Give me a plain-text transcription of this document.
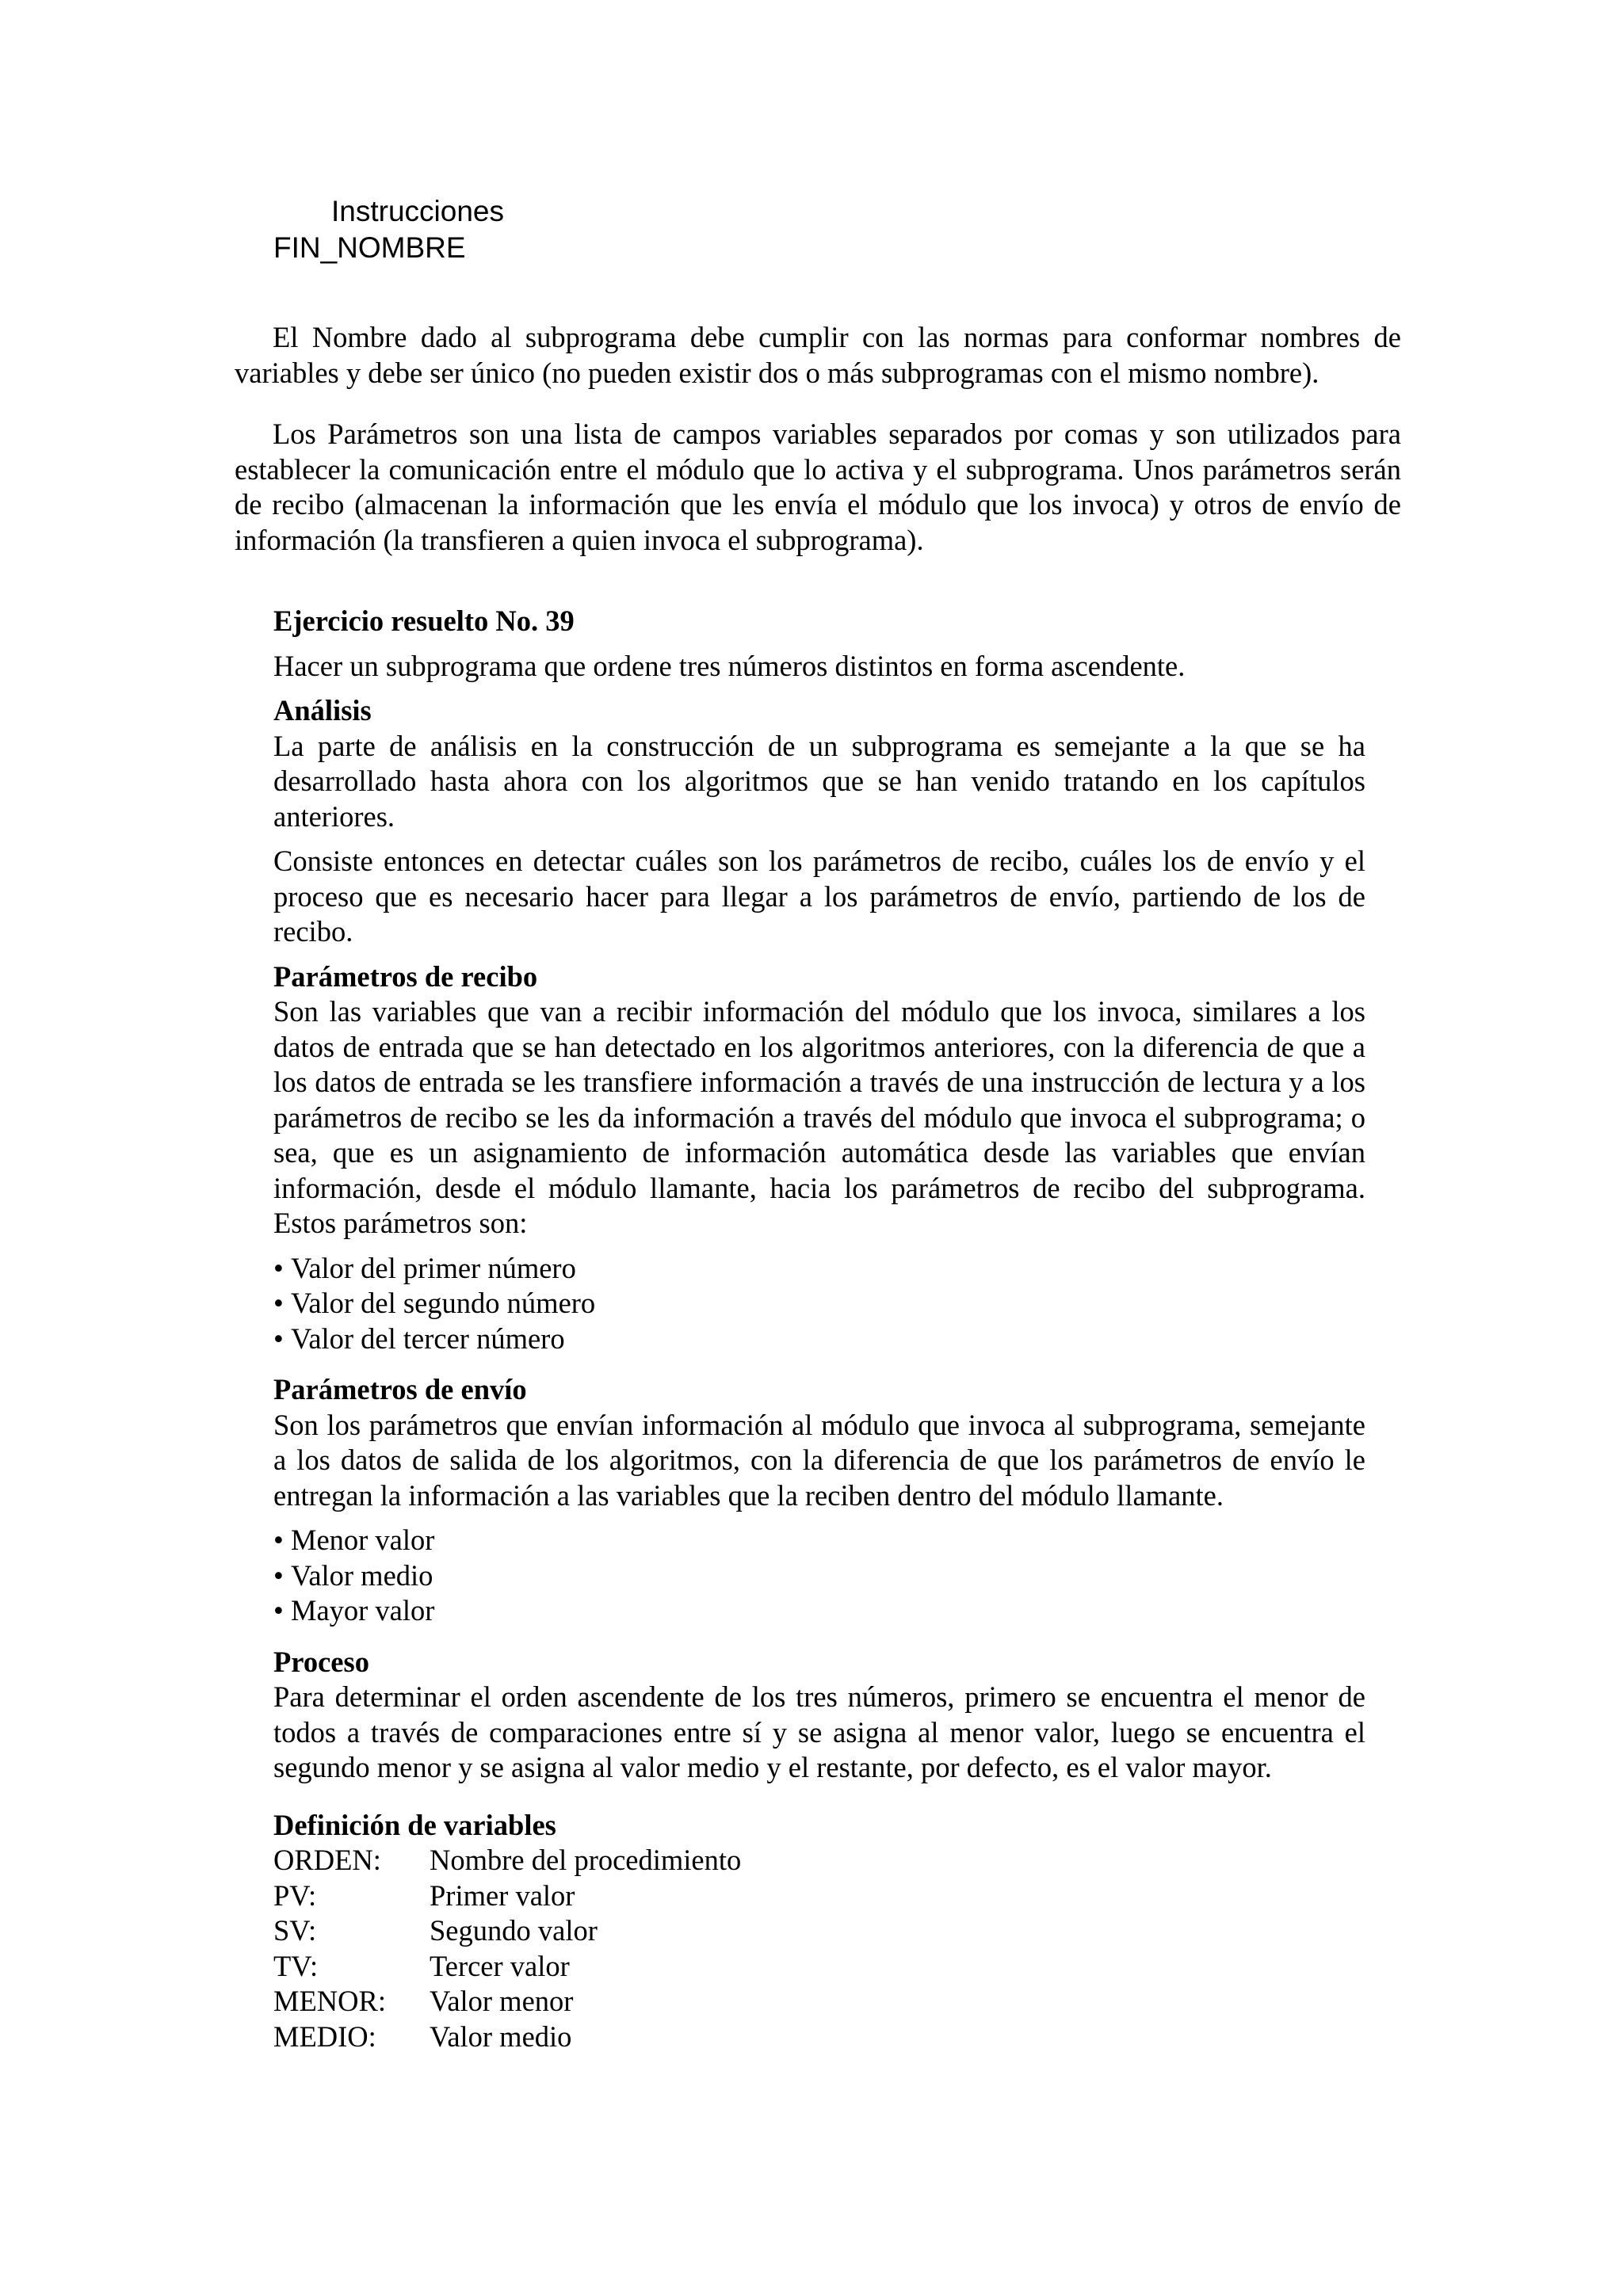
Instrucciones
FIN_NOMBRE
El Nombre dado al subprograma debe cumplir con las normas para conformar nombres de variables y debe ser único (no pueden existir dos o más subprogramas con el mismo nombre).
Los Parámetros son una lista de campos variables separados por comas y son utilizados para establecer la comunicación entre el módulo que lo activa y el subprograma. Unos parámetros serán de recibo (almacenan la información que les envía el módulo que los invoca) y otros de envío de información (la transfieren a quien invoca el subprograma).
Ejercicio resuelto No. 39
Hacer un subprograma que ordene tres números distintos en forma ascendente.
Análisis
La parte de análisis en la construcción de un subprograma es semejante a la que se ha desarrollado hasta ahora con los algoritmos que se han venido tratando en los capítulos anteriores.
Consiste entonces en detectar cuáles son los parámetros de recibo, cuáles los de envío y el proceso que es necesario hacer para llegar a los parámetros de envío, partiendo de los de recibo.
Parámetros de recibo
Son las variables que van a recibir información del módulo que los invoca, similares a los datos de entrada que se han detectado en los algoritmos anteriores, con la diferencia de que a los datos de entrada se les transfiere información a través de una instrucción de lectura y a los parámetros de recibo se les da información a través del módulo que invoca el subprograma; o sea, que es un asignamiento de información automática desde las variables que envían información, desde el módulo llamante, hacia los parámetros de recibo del subprograma. Estos parámetros son:
• Valor del primer número
• Valor del segundo número
• Valor del tercer número
Parámetros de envío
Son los parámetros que envían información al módulo que invoca al subprograma, semejante a los datos de salida de los algoritmos, con la diferencia de que los parámetros de envío le entregan la información a las variables que la reciben dentro del módulo llamante.
• Menor valor
• Valor medio
• Mayor valor
Proceso
Para determinar el orden ascendente de los tres números, primero se encuentra el menor de todos a través de comparaciones entre sí y se asigna al menor valor, luego se encuentra el segundo menor y se asigna al valor medio y el restante, por defecto, es el valor mayor.
Definición de variables
ORDEN:	Nombre del procedimiento
PV:	Primer valor
SV:	Segundo valor
TV:	Tercer valor
MENOR:	Valor menor
MEDIO:	Valor medio
